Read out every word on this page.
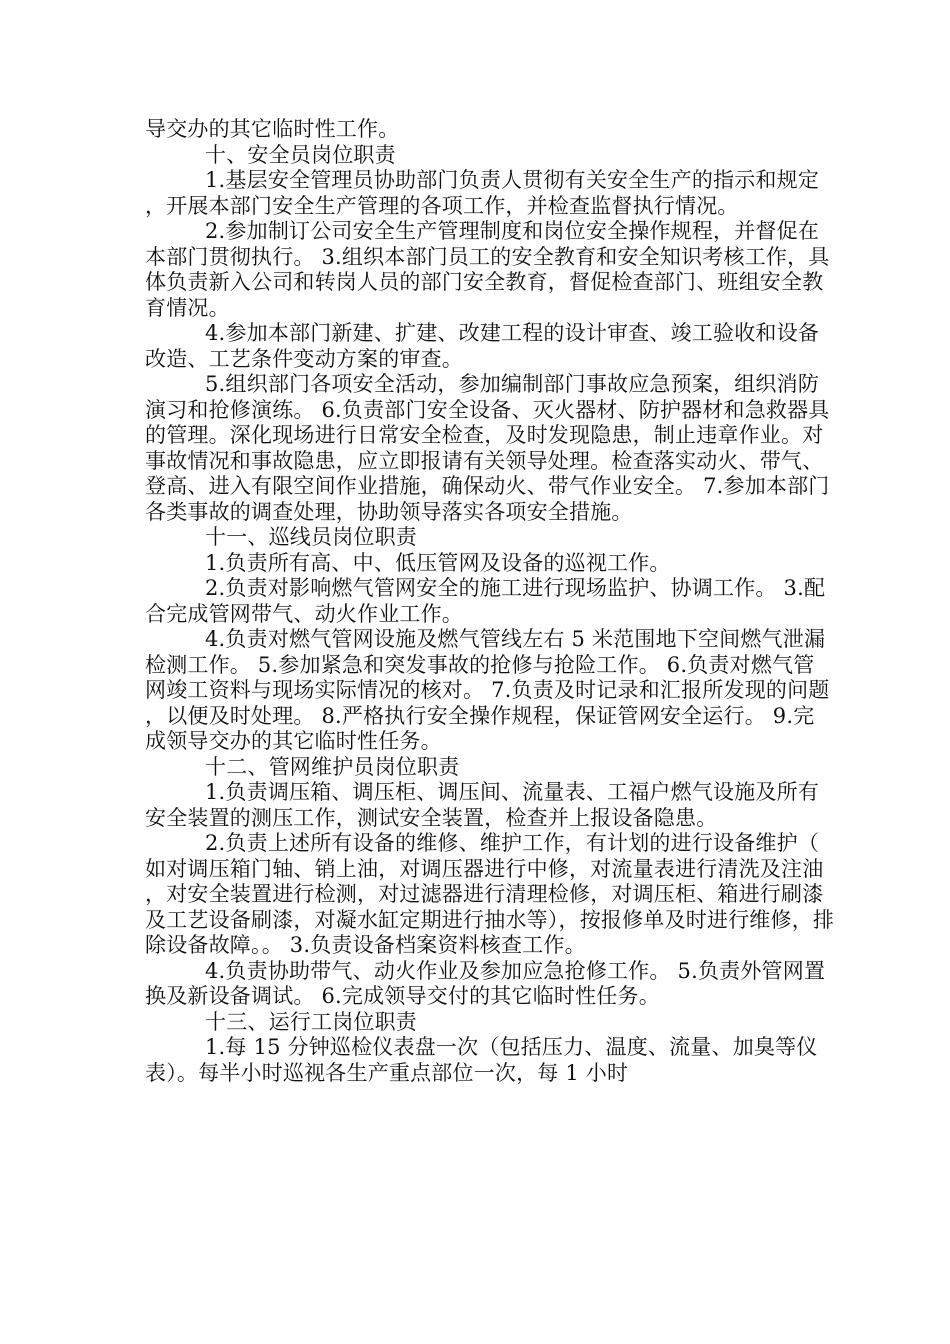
导交办的其它临时性工作。

十、安全员岗位职责

1.基层安全管理员协助部门负责人贯彻有关安全生产的指示和规定，开展本部门安全生产管理的各项工作，并检查监督执行情况。

2.参加制订公司安全生产管理制度和岗位安全操作规程，并督促在本部门贯彻执行。 3.组织本部门员工的安全教育和安全知识考核工作，具体负责新入公司和转岗人员的部门安全教育，督促检查部门、班组安全教育情况。

4.参加本部门新建、扩建、改建工程的设计审查、竣工验收和设备改造、工艺条件变动方案的审查。

5.组织部门各项安全活动，参加编制部门事故应急预案，组织消防演习和抢修演练。 6.负责部门安全设备、灭火器材、防护器材和急救器具的管理。深化现场进行日常安全检查，及时发现隐患，制止违章作业。对事故情况和事故隐患，应立即报请有关领导处理。检查落实动火、带气、登高、进入有限空间作业措施，确保动火、带气作业安全。 7.参加本部门各类事故的调查处理，协助领导落实各项安全措施。

十一、巡线员岗位职责

1.负责所有高、中、低压管网及设备的巡视工作。

2.负责对影响燃气管网安全的施工进行现场监护、协调工作。 3.配合完成管网带气、动火作业工作。

4.负责对燃气管网设施及燃气管线左右 5 米范围地下空间燃气泄漏检测工作。 5.参加紧急和突发事故的抢修与抢险工作。 6.负责对燃气管网竣工资料与现场实际情况的核对。 7.负责及时记录和汇报所发现的问题，以便及时处理。 8.严格执行安全操作规程，保证管网安全运行。 9.完成领导交办的其它临时性任务。

十二、管网维护员岗位职责

1.负责调压箱、调压柜、调压间、流量表、工福户燃气设施及所有安全装置的测压工作，测试安全装置，检查并上报设备隐患。

2.负责上述所有设备的维修、维护工作，有计划的进行设备维护（如对调压箱门轴、销上油，对调压器进行中修，对流量表进行清洗及注油，对安全装置进行检测，对过滤器进行清理检修，对调压柜、箱进行刷漆及工艺设备刷漆，对凝水缸定期进行抽水等），按报修单及时进行维修，排除设备故障。。 3.负责设备档案资料核查工作。

4.负责协助带气、动火作业及参加应急抢修工作。 5.负责外管网置换及新设备调试。 6.完成领导交付的其它临时性任务。

十三、运行工岗位职责

1.每 15 分钟巡检仪表盘一次（包括压力、温度、流量、加臭等仪表）。每半小时巡视各生产重点部位一次，每 1 小时
